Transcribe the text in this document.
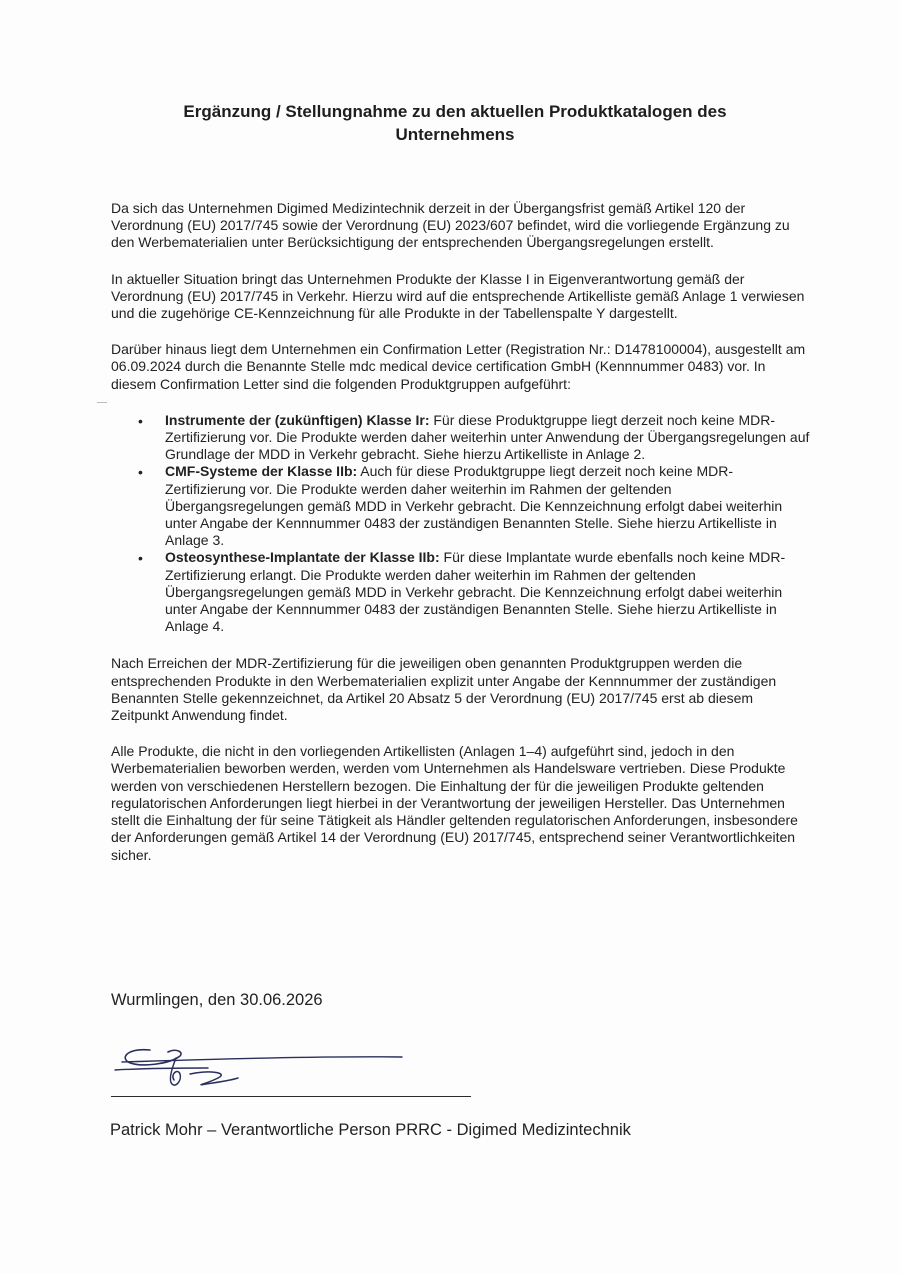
Ergänzung / Stellungnahme zu den aktuellen Produktkatalogen des Unternehmens

Da sich das Unternehmen Digimed Medizintechnik derzeit in der Übergangsfrist gemäß Artikel 120 der Verordnung (EU) 2017/745 sowie der Verordnung (EU) 2023/607 befindet, wird die vorliegende Ergänzung zu den Werbematerialien unter Berücksichtigung der entsprechenden Übergangsregelungen erstellt.

In aktueller Situation bringt das Unternehmen Produkte der Klasse I in Eigenverantwortung gemäß der Verordnung (EU) 2017/745 in Verkehr. Hierzu wird auf die entsprechende Artikelliste gemäß Anlage 1 verwiesen und die zugehörige CE-Kennzeichnung für alle Produkte in der Tabellenspalte Y dargestellt.

Darüber hinaus liegt dem Unternehmen ein Confirmation Letter (Registration Nr.: D1478100004), ausgestellt am 06.09.2024 durch die Benannte Stelle mdc medical device certification GmbH (Kennnummer 0483) vor. In diesem Confirmation Letter sind die folgenden Produktgruppen aufgeführt:

• Instrumente der (zukünftigen) Klasse Ir: Für diese Produktgruppe liegt derzeit noch keine MDR-Zertifizierung vor. Die Produkte werden daher weiterhin unter Anwendung der Übergangsregelungen auf Grundlage der MDD in Verkehr gebracht. Siehe hierzu Artikelliste in Anlage 2.
• CMF-Systeme der Klasse IIb: Auch für diese Produktgruppe liegt derzeit noch keine MDR-Zertifizierung vor. Die Produkte werden daher weiterhin im Rahmen der geltenden Übergangsregelungen gemäß MDD in Verkehr gebracht. Die Kennzeichnung erfolgt dabei weiterhin unter Angabe der Kennnummer 0483 der zuständigen Benannten Stelle. Siehe hierzu Artikelliste in Anlage 3.
• Osteosynthese-Implantate der Klasse IIb: Für diese Implantate wurde ebenfalls noch keine MDR-Zertifizierung erlangt. Die Produkte werden daher weiterhin im Rahmen der geltenden Übergangsregelungen gemäß MDD in Verkehr gebracht. Die Kennzeichnung erfolgt dabei weiterhin unter Angabe der Kennnummer 0483 der zuständigen Benannten Stelle. Siehe hierzu Artikelliste in Anlage 4.

Nach Erreichen der MDR-Zertifizierung für die jeweiligen oben genannten Produktgruppen werden die entsprechenden Produkte in den Werbematerialien explizit unter Angabe der Kennnummer der zuständigen Benannten Stelle gekennzeichnet, da Artikel 20 Absatz 5 der Verordnung (EU) 2017/745 erst ab diesem Zeitpunkt Anwendung findet.

Alle Produkte, die nicht in den vorliegenden Artikellisten (Anlagen 1–4) aufgeführt sind, jedoch in den Werbematerialien beworben werden, werden vom Unternehmen als Handelsware vertrieben. Diese Produkte werden von verschiedenen Herstellern bezogen. Die Einhaltung der für die jeweiligen Produkte geltenden regulatorischen Anforderungen liegt hierbei in der Verantwortung der jeweiligen Hersteller. Das Unternehmen stellt die Einhaltung der für seine Tätigkeit als Händler geltenden regulatorischen Anforderungen, insbesondere der Anforderungen gemäß Artikel 14 der Verordnung (EU) 2017/745, entsprechend seiner Verantwortlichkeiten sicher.

Wurmlingen, den 30.06.2026
Patrick Mohr – Verantwortliche Person PRRC - Digimed Medizintechnik
